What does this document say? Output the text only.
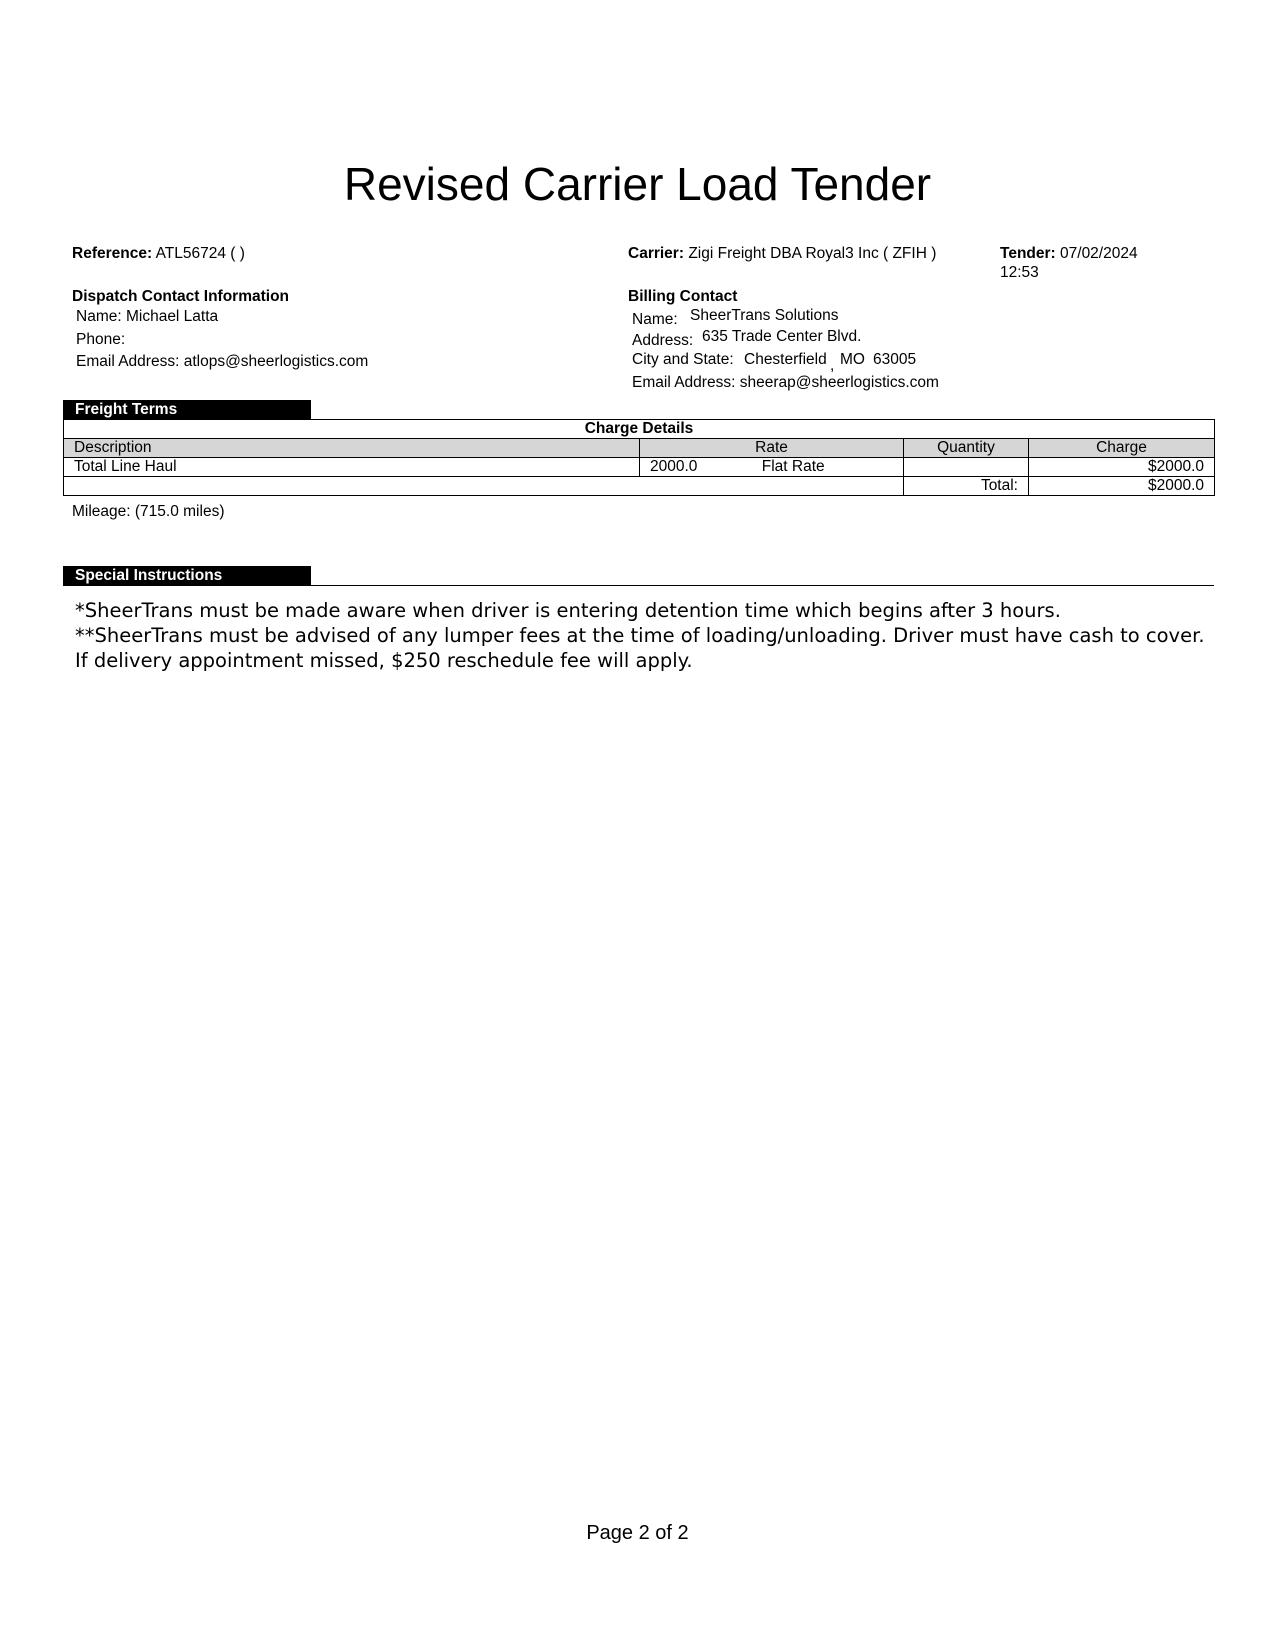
Revised Carrier Load Tender
Reference: ATL56724 ( )	Carrier: Zigi Freight DBA Royal3 Inc ( ZFIH )	Tender: 07/02/2024
12:53
Dispatch Contact Information
Name: Michael Latta
Phone:
Email Address: atlops@sheerlogistics.com
Billing Contact
Name: SheerTrans Solutions
Address: 635 Trade Center Blvd.
City and State: Chesterfield , MO 63005
Email Address: sheerap@sheerlogistics.com
Freight Terms
Charge Details			
Description	Rate	Quantity	Charge
Total Line Haul	2000.0 Flat Rate		$2000.0
		Total:	$2000.0
Mileage: (715.0 miles)
Special Instructions

*SheerTrans must be made aware when driver is entering detention time which begins after 3 hours.

**SheerTrans must be advised of any lumper fees at the time of loading/unloading. Driver must have cash to cover. If delivery appointment missed, $250 reschedule fee will apply.

Page 2 of 2
